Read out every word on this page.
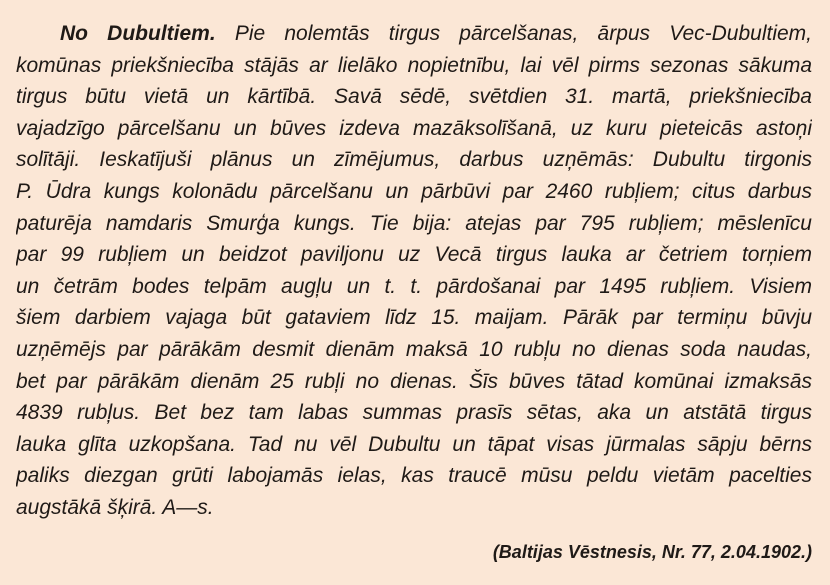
No Dubultiem. Pie nolemtās tirgus pārcelšanas, ārpus Vec-Dubultiem,
komūnas priekšniecība stājās ar lielāko nopietnību, lai vēl pirms sezonas sākuma
tirgus būtu vietā un kārtībā. Savā sēdē, svētdien 31. martā, priekšniecība
vajadzīgo pārcelšanu un būves izdeva mazāksolīšanā, uz kuru pieteicās astoņi
solītāji. Ieskatījuši plānus un zīmējumus, darbus uzņēmās: Dubultu tirgonis
P. Ūdra kungs kolonādu pārcelšanu un pārbūvi par 2460 rubļiem; citus darbus
paturēja namdaris Smurģa kungs. Tie bija: atejas par 795 rubļiem; mēslenīcu
par 99 rubļiem un beidzot paviljonu uz Vecā tirgus lauka ar četriem torņiem
un četrām bodes telpām augļu un t. t. pārdošanai par 1495 rubļiem. Visiem
šiem darbiem vajaga būt gataviem līdz 15. maijam. Pārāk par termiņu būvju
uzņēmējs par pārākām desmit dienām maksā 10 rubļu no dienas soda naudas,
bet par pārākām dienām 25 rubļi no dienas. Šīs būves tātad komūnai izmaksās
4839 rubļus. Bet bez tam labas summas prasīs sētas, aka un atstātā tirgus
lauka glīta uzkopšana. Tad nu vēl Dubultu un tāpat visas jūrmalas sāpju bērns
paliks diezgan grūti labojamās ielas, kas traucē mūsu peldu vietām pacelties
augstākā šķirā. A—s.
(Baltijas Vēstnesis, Nr. 77, 2.04.1902.)
